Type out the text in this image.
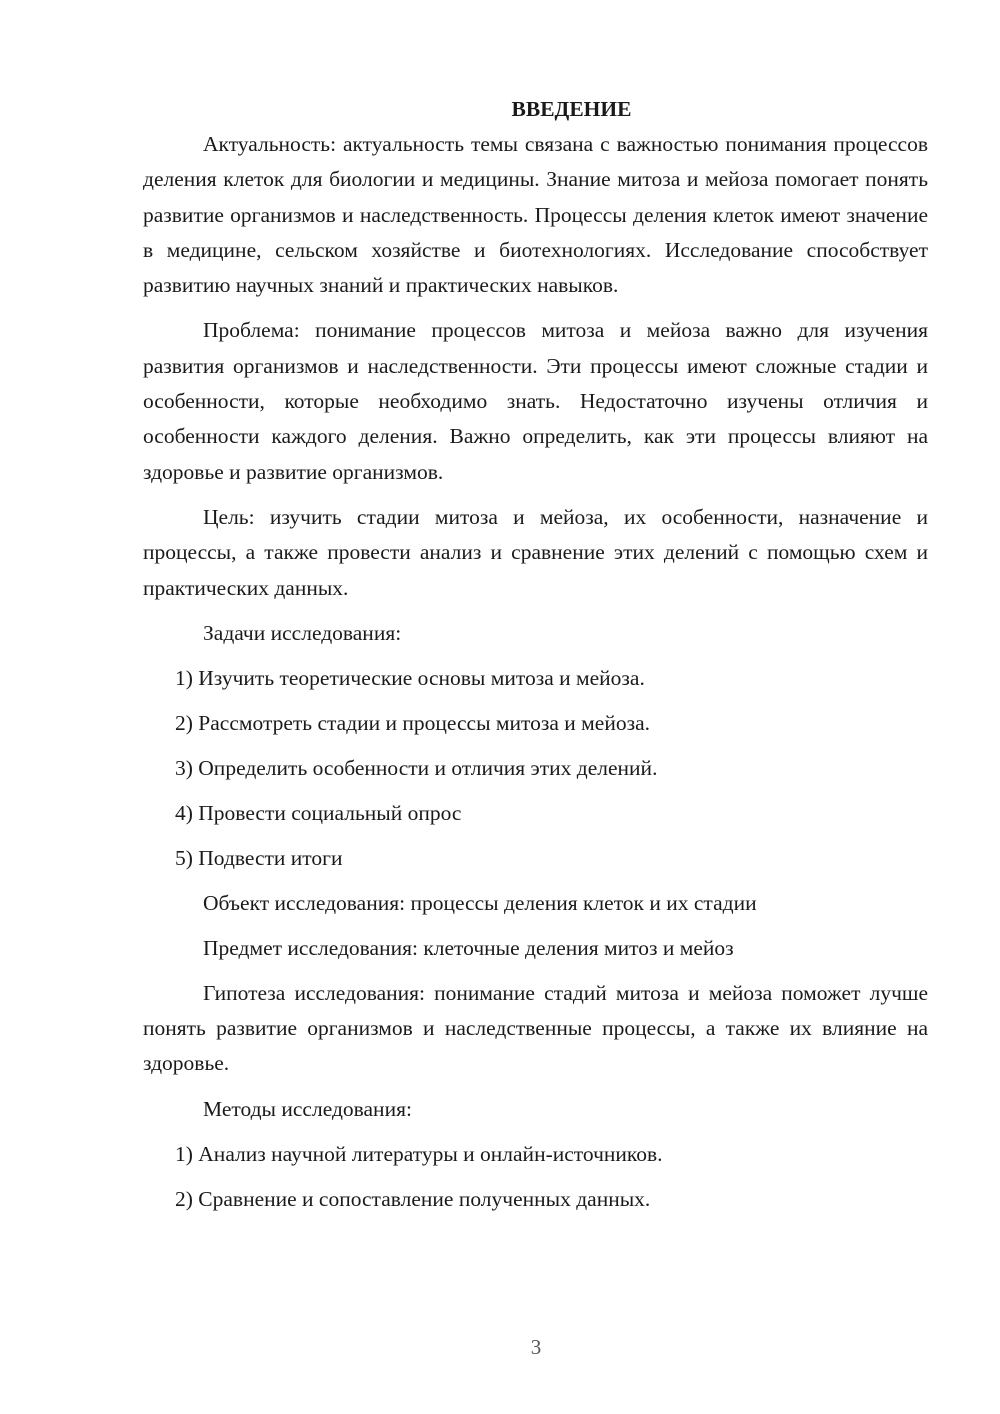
ВВЕДЕНИЕ

Актуальность: актуальность темы связана с важностью понимания процессов деления клеток для биологии и медицины. Знание митоза и мейоза помогает понять развитие организмов и наследственность. Процессы деления клеток имеют значение в медицине, сельском хозяйстве и биотехнологиях. Исследование способствует развитию научных знаний и практических навыков.

Проблема: понимание процессов митоза и мейоза важно для изучения развития организмов и наследственности. Эти процессы имеют сложные стадии и особенности, которые необходимо знать. Недостаточно изучены отличия и особенности каждого деления. Важно определить, как эти процессы влияют на здоровье и развитие организмов.

Цель: изучить стадии митоза и мейоза, их особенности, назначение и процессы, а также провести анализ и сравнение этих делений с помощью схем и практических данных.

Задачи исследования:

1) Изучить теоретические основы митоза и мейоза.

2) Рассмотреть стадии и процессы митоза и мейоза.

3) Определить особенности и отличия этих делений.

4) Провести социальный опрос

5) Подвести итоги

Объект исследования: процессы деления клеток и их стадии

Предмет исследования: клеточные деления митоз и мейоз

Гипотеза исследования: понимание стадий митоза и мейоза поможет лучше понять развитие организмов и наследственные процессы, а также их влияние на здоровье.

Методы исследования:

1) Анализ научной литературы и онлайн-источников.

2) Сравнение и сопоставление полученных данных.

3
